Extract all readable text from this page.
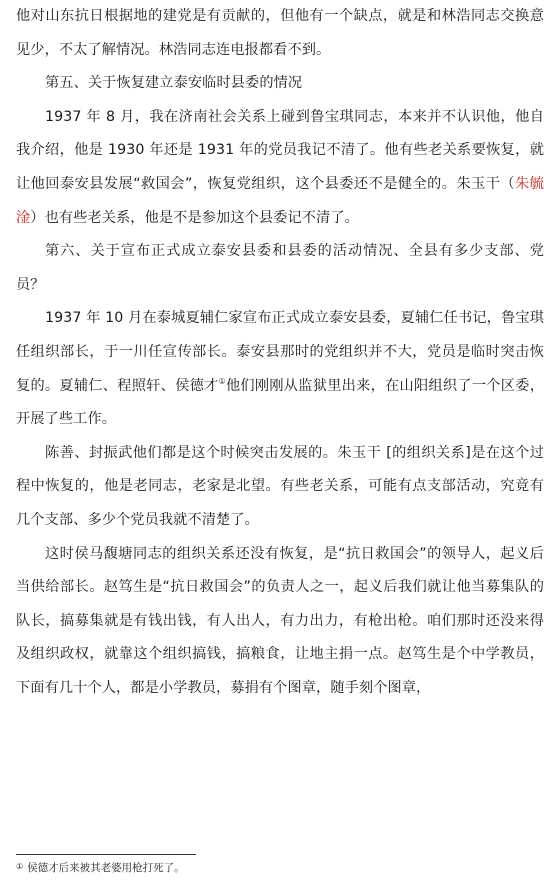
他对山东抗日根据地的建党是有贡献的，但他有一个缺点，就是和林浩同志交换意见少，不太了解情况。林浩同志连电报都看不到。

第五、关于恢复建立泰安临时县委的情况

1937 年 8 月，我在济南社会关系上碰到鲁宝琪同志，本来并不认识他，他自我介绍，他是 1930 年还是 1931 年的党员我记不清了。他有些老关系要恢复，就让他回泰安县发展“救国会”，恢复党组织，这个县委还不是健全的。朱玉干（朱毓淦）也有些老关系，他是不是参加这个县委记不清了。

第六、关于宣布正式成立泰安县委和县委的活动情况、全县有多少支部、党员？

1937 年 10 月在泰城夏辅仁家宣布正式成立泰安县委，夏辅仁任书记，鲁宝琪任组织部长，于一川任宣传部长。泰安县那时的党组织并不大，党员是临时突击恢复的。夏辅仁、程照轩、侯德才①他们刚刚从监狱里出来，在山阳组织了一个区委，开展了些工作。

陈善、封振武他们都是这个时候突击发展的。朱玉干 [的组织关系]是在这个过程中恢复的，他是老同志，老家是北望。有些老关系，可能有点支部活动，究竟有几个支部、多少个党员我就不清楚了。

这时侯马馥塘同志的组织关系还没有恢复，是“抗日救国会”的领导人，起义后当供给部长。赵笃生是“抗日救国会”的负责人之一，起义后我们就让他当募集队的队长，搞募集就是有钱出钱，有人出人，有力出力，有枪出枪。咱们那时还没来得及组织政权，就靠这个组织搞钱，搞粮食，让地主捐一点。赵笃生是个中学教员，下面有几十个人，都是小学教员，募捐有个图章，随手刻个图章，

① 侯德才后来被其老婆用枪打死了。
